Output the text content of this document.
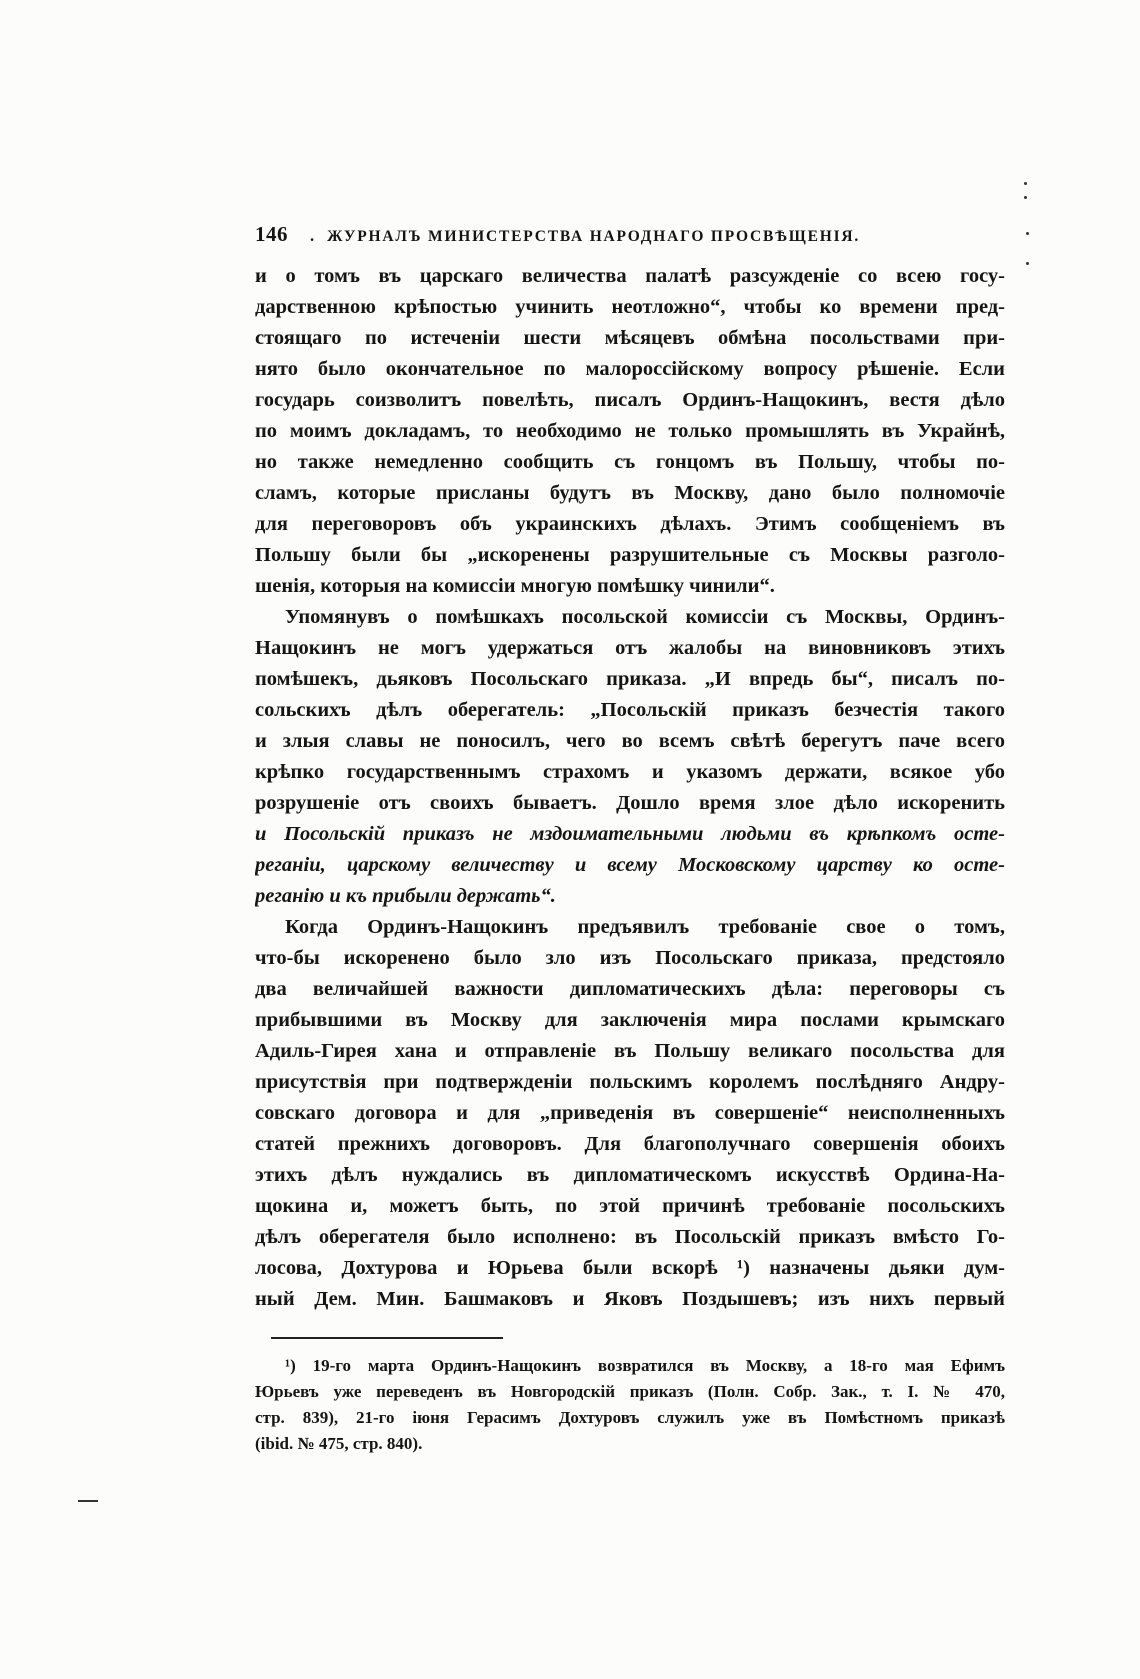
146 . ЖУРНАЛЪ МИНИСТЕРСТВА НАРОДНАГО ПРОСВѢЩЕНІЯ.
и о томъ въ царскаго величества палатѣ разсужденіе со всею госу-
дарственною крѣпостью учинить неотложно“, чтобы ко времени пред-
стоящаго по истеченіи шести мѣсяцевъ обмѣна посольствами при-
нято было окончательное по малороссійскому вопросу рѣшеніе. Если
государь соизволитъ повелѣть, писалъ Ординъ-Нащокинъ, вестя дѣло
по моимъ докладамъ, то необходимо не только промышлять въ Украйнѣ,
но также немедленно сообщить съ гонцомъ въ Польшу, чтобы по-
сламъ, которые присланы будутъ въ Москву, дано было полномочіе
для переговоровъ объ украинскихъ дѣлахъ. Этимъ сообщеніемъ въ
Польшу были бы „искоренены разрушительные съ Москвы разголо-
шенія, которыя на комиссіи многую помѣшку чинили“.
Упомянувъ о помѣшкахъ посольской комиссіи съ Москвы, Ординъ-
Нащокинъ не могъ удержаться отъ жалобы на виновниковъ этихъ
помѣшекъ, дьяковъ Посольскаго приказа. „И впредь бы“, писалъ по-
сольскихъ дѣлъ оберегатель: „Посольскій приказъ безчестія такого
и злыя славы не поносилъ, чего во всемъ свѣтѣ берегутъ паче всего
крѣпко государственнымъ страхомъ и указомъ держати, всякое убо
розрушеніе отъ своихъ бываетъ. Дошло время злое дѣло искоренить
и Посольскій приказъ не мздоимательными людьми въ крѣпкомъ осте-
реганіи, царскому величеству и всему Московскому царству ко осте-
реганію и къ прибыли держать“.
Когда Ординъ-Нащокинъ предъявилъ требованіе свое о томъ,
что-бы искоренено было зло изъ Посольскаго приказа, предстояло
два величайшей важности дипломатическихъ дѣла: переговоры съ
прибывшими въ Москву для заключенія мира послами крымскаго
Адиль-Гирея хана и отправленіе въ Польшу великаго посольства для
присутствія при подтвержденіи польскимъ королемъ послѣдняго Андру-
совскаго договора и для „приведенія въ совершеніе“ неисполненныхъ
статей прежнихъ договоровъ. Для благополучнаго совершенія обоихъ
этихъ дѣлъ нуждались въ дипломатическомъ искусствѣ Ордина-На-
щокина и, можетъ быть, по этой причинѣ требованіе посольскихъ
дѣлъ оберегателя было исполнено: въ Посольскій приказъ вмѣсто Го-
лосова, Дохтурова и Юрьева были вскорѣ ¹) назначены дьяки дум-
ный Дем. Мин. Башмаковъ и Яковъ Поздышевъ; изъ нихъ первый
¹) 19-го марта Ординъ-Нащокинъ возвратился въ Москву, а 18-го мая Ефимъ
Юрьевъ уже переведенъ въ Новгородскій приказъ (Полн. Собр. Зак., т. I. № 470,
стр. 839), 21-го іюня Герасимъ Дохтуровъ служилъ уже въ Помѣстномъ приказѣ
(ibid. № 475, стр. 840).
